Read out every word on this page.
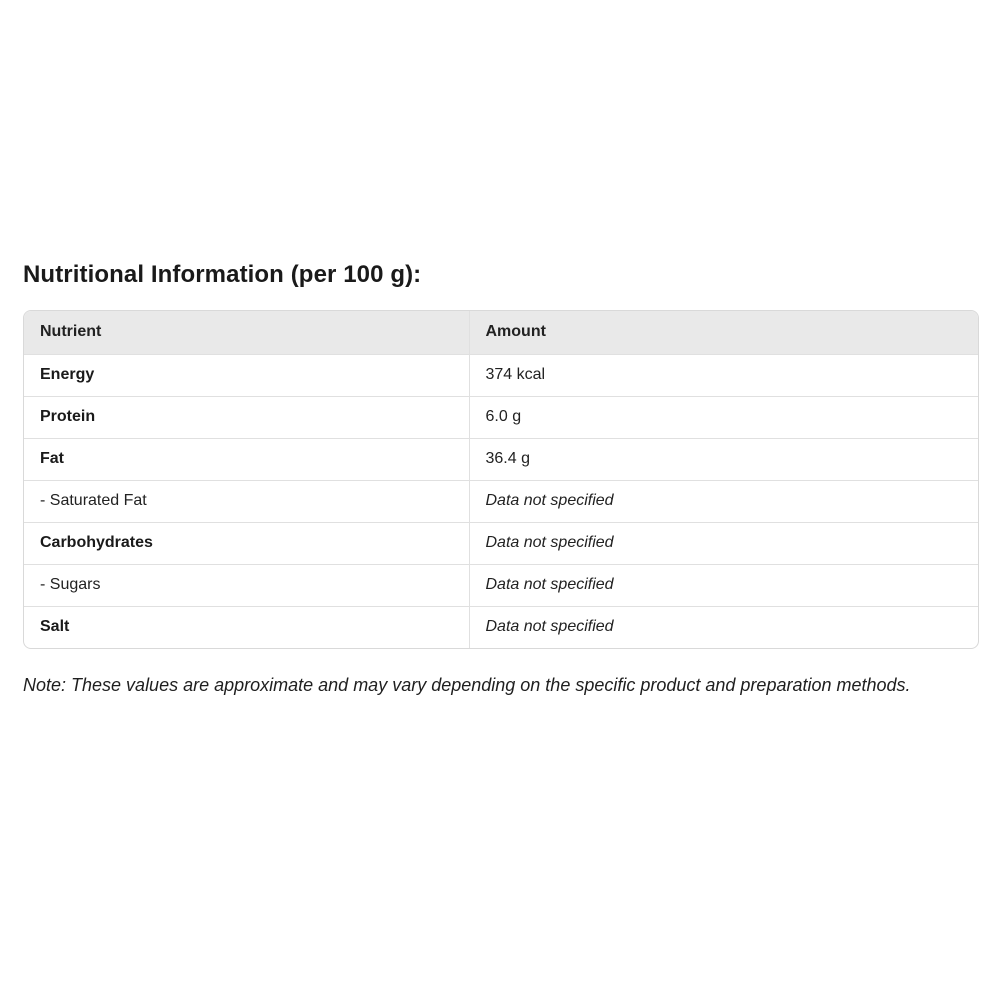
Nutritional Information (per 100 g):
Nutrient	Amount
Energy	374 kcal
Protein	6.0 g
Fat	36.4 g
- Saturated Fat	Data not specified
Carbohydrates	Data not specified
- Sugars	Data not specified
Salt	Data not specified

Note: These values are approximate and may vary depending on the specific product and preparation methods.
